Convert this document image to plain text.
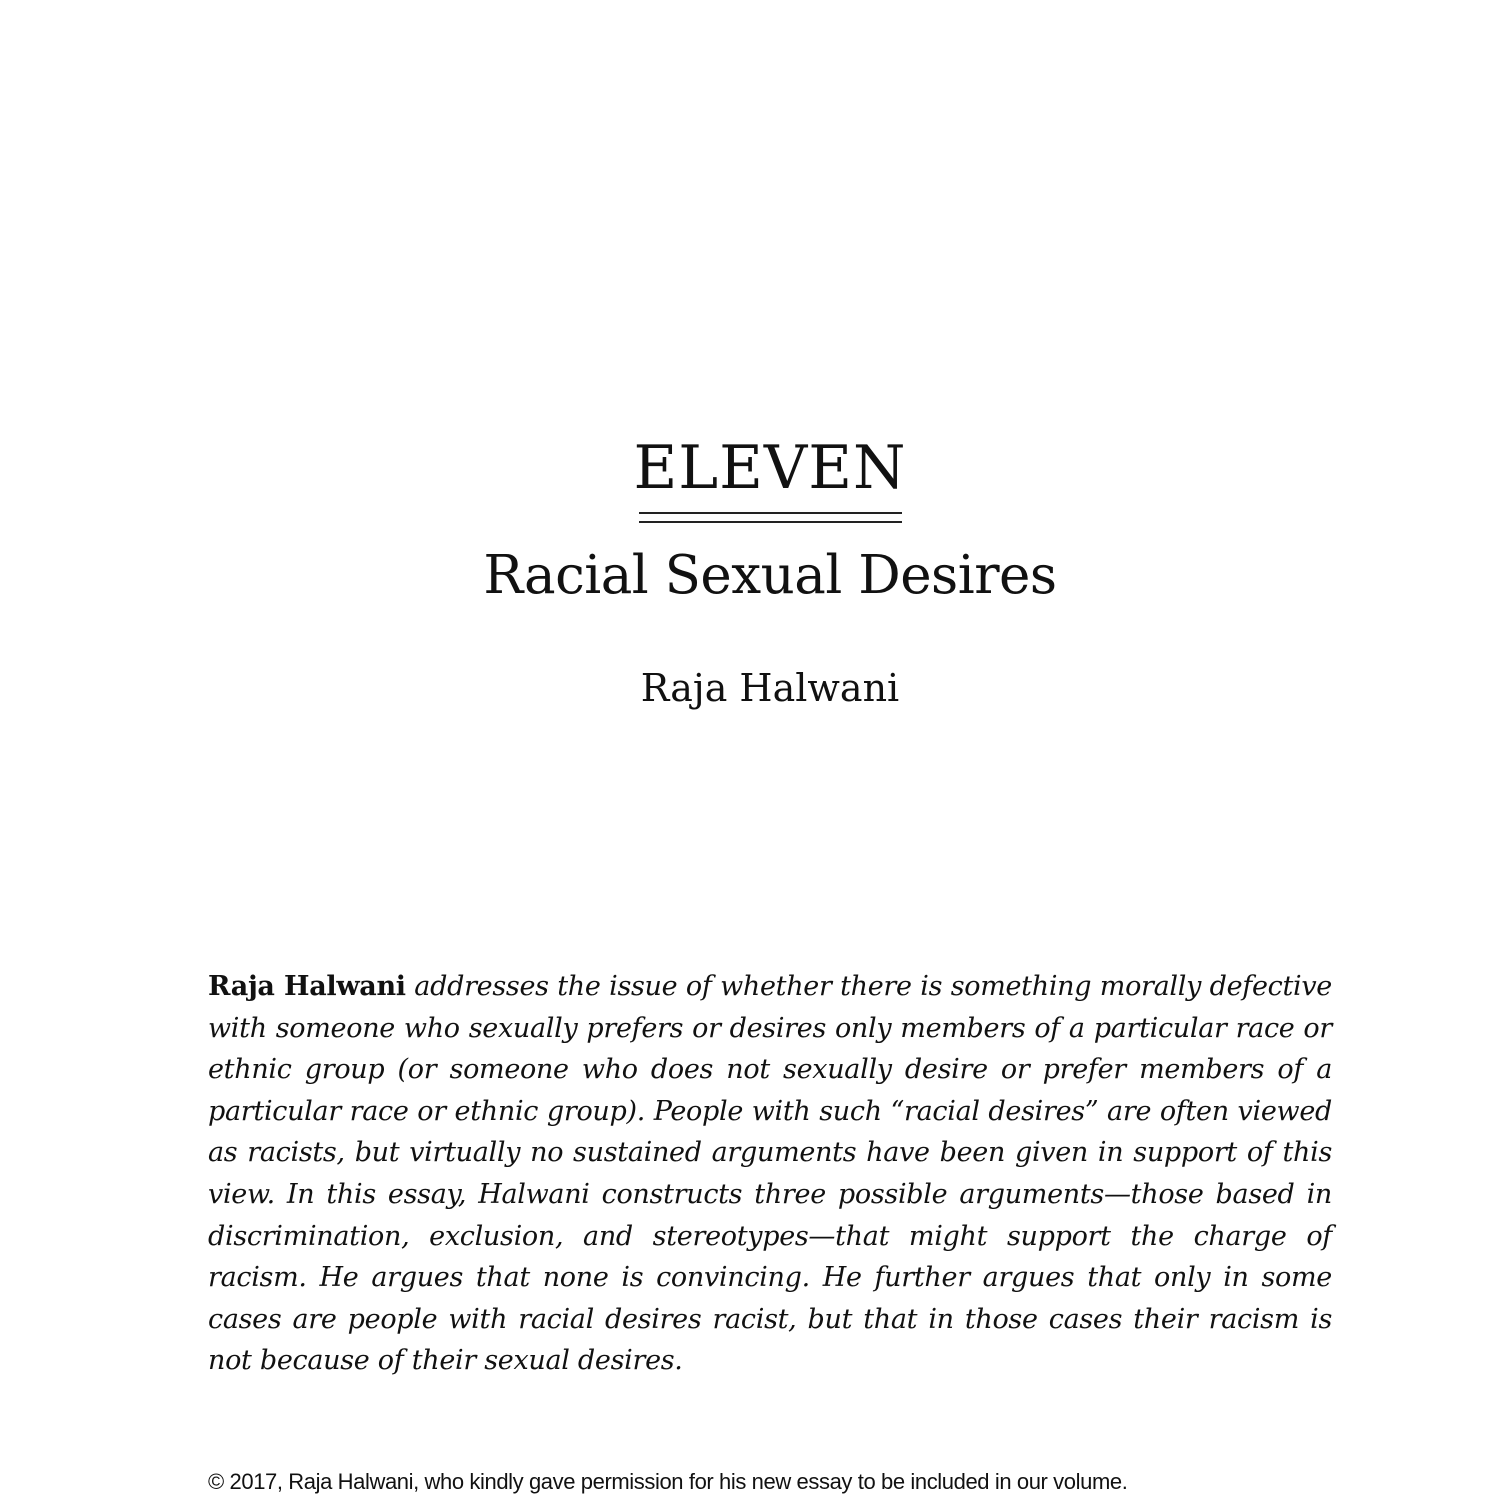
ELEVEN
Racial Sexual Desires
Raja Halwani

Raja Halwani addresses the issue of whether there is something morally defective with someone who sexually prefers or desires only members of a particular race or ethnic group (or someone who does not sexually desire or prefer members of a particular race or ethnic group). People with such “racial desires” are often viewed as racists, but virtually no sustained arguments have been given in support of this view. In this essay, Halwani constructs three possible arguments—those based in discrimination, exclusion, and stereotypes—that might support the charge of racism. He argues that none is convincing. He further argues that only in some cases are people with racial desires racist, but that in those cases their racism is not because of their sexual desires.

© 2017, Raja Halwani, who kindly gave permission for his new essay to be included in our volume.
